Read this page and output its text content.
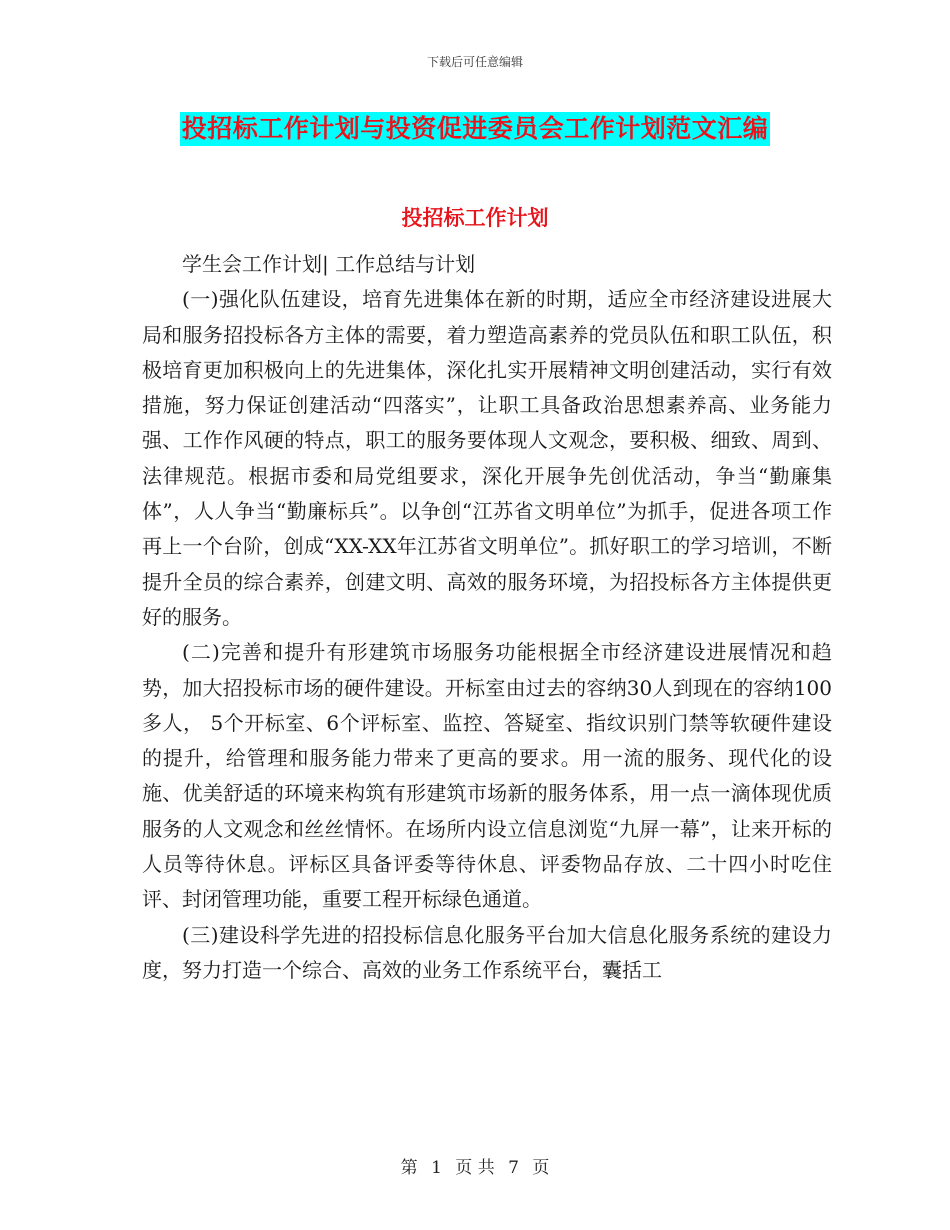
下载后可任意编辑
投招标工作计划与投资促进委员会工作计划范文汇编
投招标工作计划

学生会工作计划| 工作总结与计划

(一)强化队伍建设，培育先进集体在新的时期，适应全市经济建设进展大局和服务招投标各方主体的需要，着力塑造高素养的党员队伍和职工队伍，积极培育更加积极向上的先进集体，深化扎实开展精神文明创建活动，实行有效措施，努力保证创建活动“四落实”，让职工具备政治思想素养高、业务能力强、工作作风硬的特点，职工的服务要体现人文观念，要积极、细致、周到、法律规范。根据市委和局党组要求，深化开展争先创优活动，争当“勤廉集体”，人人争当“勤廉标兵”。以争创“江苏省文明单位”为抓手，促进各项工作再上一个台阶，创成“XX-XX年江苏省文明单位”。抓好职工的学习培训，不断提升全员的综合素养，创建文明、高效的服务环境，为招投标各方主体提供更好的服务。

(二)完善和提升有形建筑市场服务功能根据全市经济建设进展情况和趋势，加大招投标市场的硬件建设。开标室由过去的容纳30人到现在的容纳100多人， 5个开标室、6个评标室、监控、答疑室、指纹识别门禁等软硬件建设的提升，给管理和服务能力带来了更高的要求。用一流的服务、现代化的设施、优美舒适的环境来构筑有形建筑市场新的服务体系，用一点一滴体现优质服务的人文观念和丝丝情怀。在场所内设立信息浏览“九屏一幕”，让来开标的人员等待休息。评标区具备评委等待休息、评委物品存放、二十四小时吃住评、封闭管理功能，重要工程开标绿色通道。

(三)建设科学先进的招投标信息化服务平台加大信息化服务系统的建设力度，努力打造一个综合、高效的业务工作系统平台，囊括工

第 1 页 共 7 页
